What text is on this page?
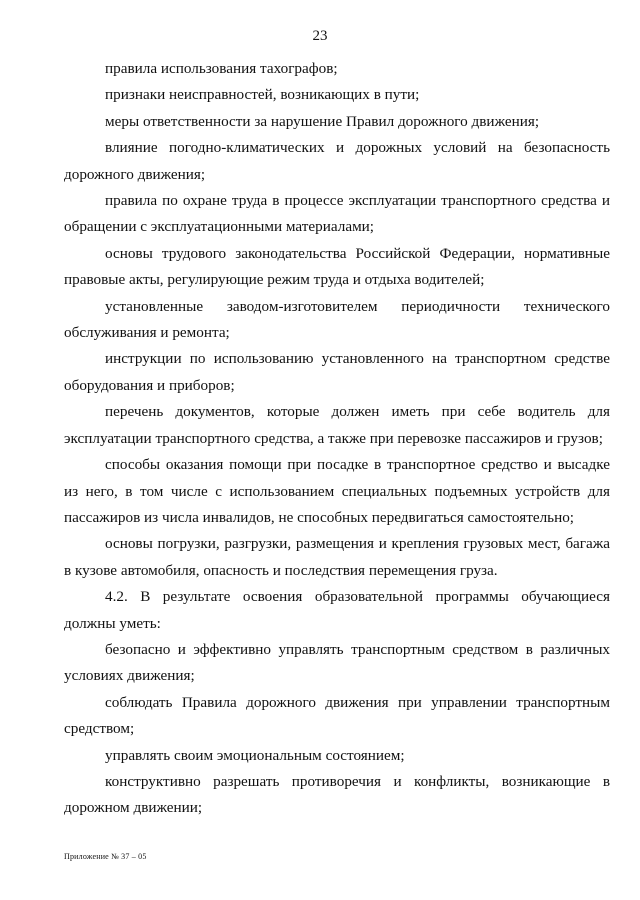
23

правила использования тахографов;

признаки неисправностей, возникающих в пути;

меры ответственности за нарушение Правил дорожного движения;

влияние погодно-климатических и дорожных условий на безопасность дорожного движения;

правила по охране труда в процессе эксплуатации транспортного средства и обращении с эксплуатационными материалами;

основы трудового законодательства Российской Федерации, нормативные правовые акты, регулирующие режим труда и отдыха водителей;

установленные заводом-изготовителем периодичности технического обслуживания и ремонта;

инструкции по использованию установленного на транспортном средстве оборудования и приборов;

перечень документов, которые должен иметь при себе водитель для эксплуатации транспортного средства, а также при перевозке пассажиров и грузов;

способы оказания помощи при посадке в транспортное средство и высадке из него, в том числе с использованием специальных подъемных устройств для пассажиров из числа инвалидов, не способных передвигаться самостоятельно;

основы погрузки, разгрузки, размещения и крепления грузовых мест, багажа в кузове автомобиля, опасность и последствия перемещения груза.

4.2. В результате освоения образовательной программы обучающиеся должны уметь:

безопасно и эффективно управлять транспортным средством в различных условиях движения;

соблюдать Правила дорожного движения при управлении транспортным средством;

управлять своим эмоциональным состоянием;

конструктивно разрешать противоречия и конфликты, возникающие в дорожном движении;

Приложение № 37 – 05
